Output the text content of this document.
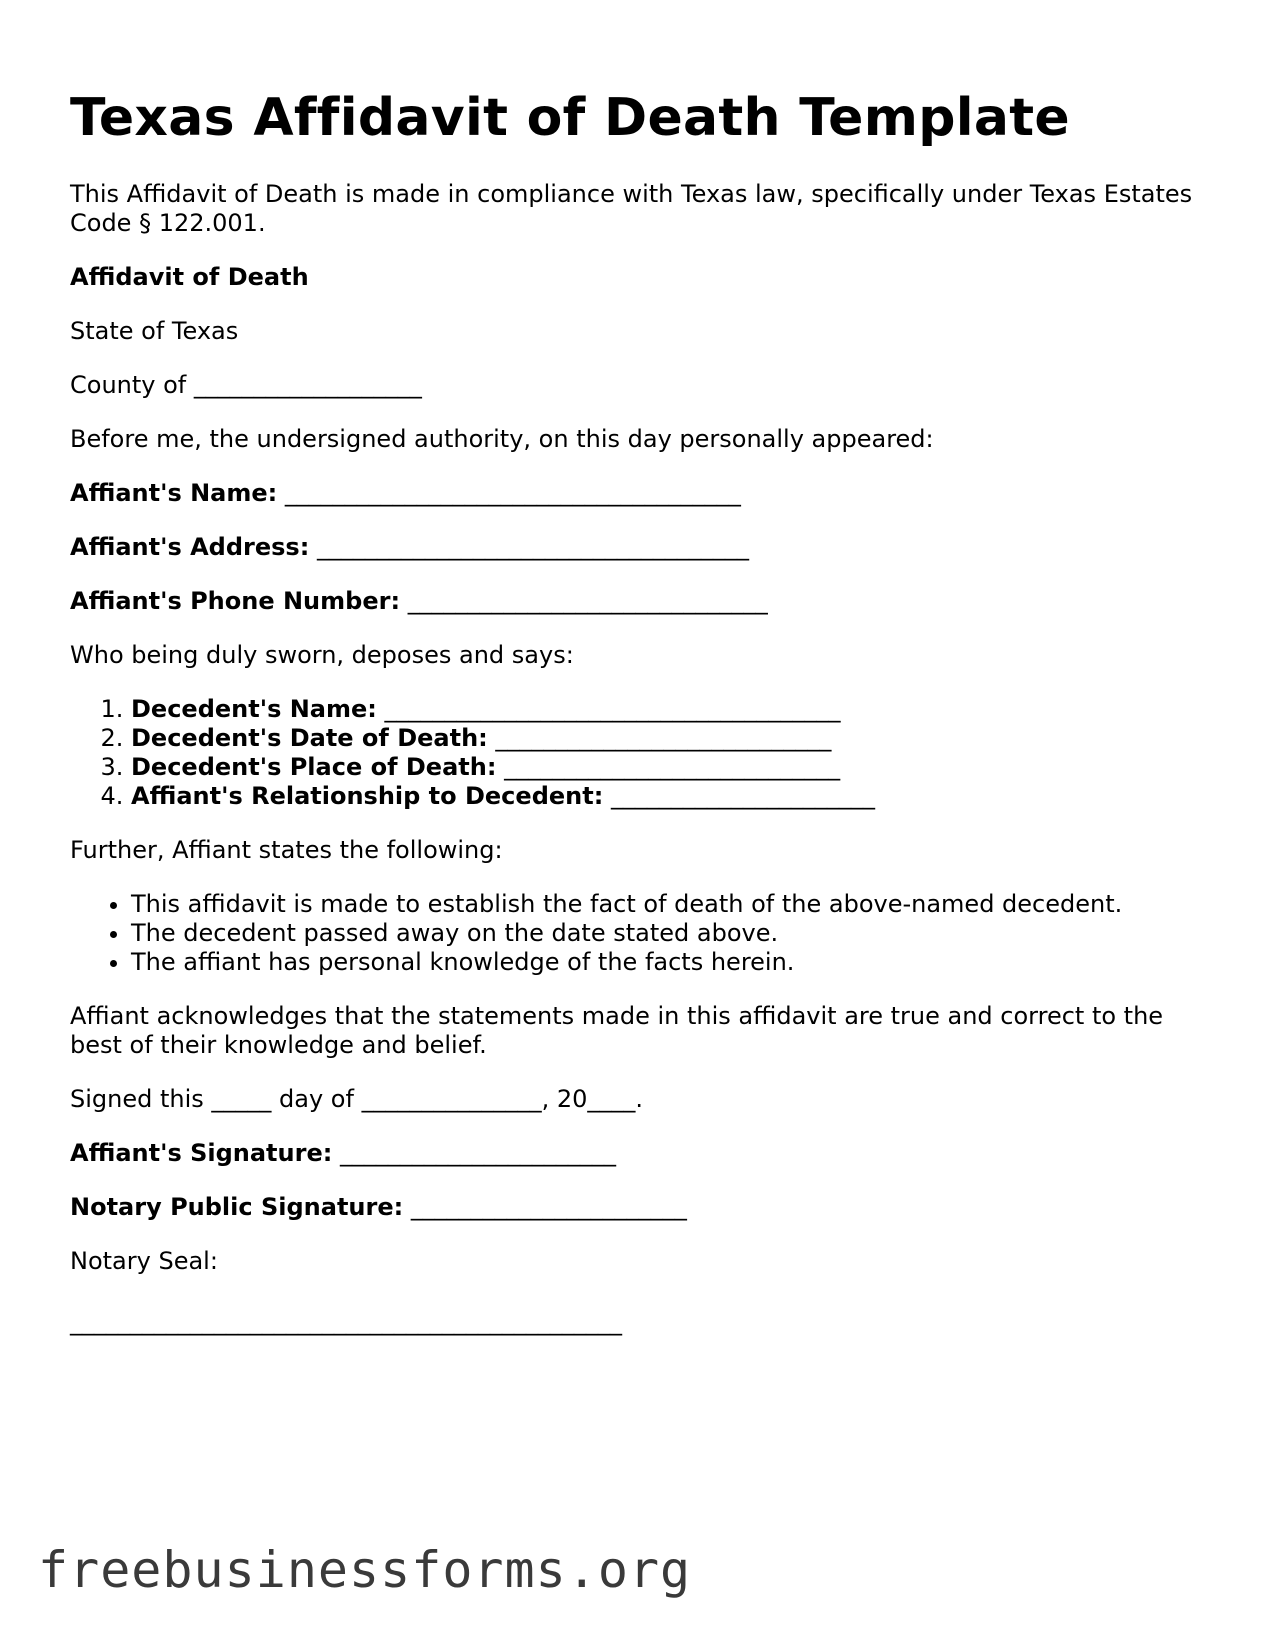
Texas Affidavit of Death Template

This Affidavit of Death is made in compliance with Texas law, specifically under Texas Estates Code § 122.001.

Affidavit of Death

State of Texas

County of ___________________

Before me, the undersigned authority, on this day personally appeared:

Affiant's Name: ______________________________________

Affiant's Address: ____________________________________

Affiant's Phone Number: ______________________________

Who being duly sworn, deposes and says:

1. Decedent's Name: ______________________________________
2. Decedent's Date of Death: ____________________________
3. Decedent's Place of Death: ____________________________
4. Affiant's Relationship to Decedent: ______________________

Further, Affiant states the following:

• This affidavit is made to establish the fact of death of the above-named decedent.
• The decedent passed away on the date stated above.
• The affiant has personal knowledge of the facts herein.

Affiant acknowledges that the statements made in this affidavit are true and correct to the best of their knowledge and belief.

Signed this _____ day of _______________, 20____.

Affiant's Signature: _______________________

Notary Public Signature: _______________________

Notary Seal:

______________________________________________
freebusinessforms.org
